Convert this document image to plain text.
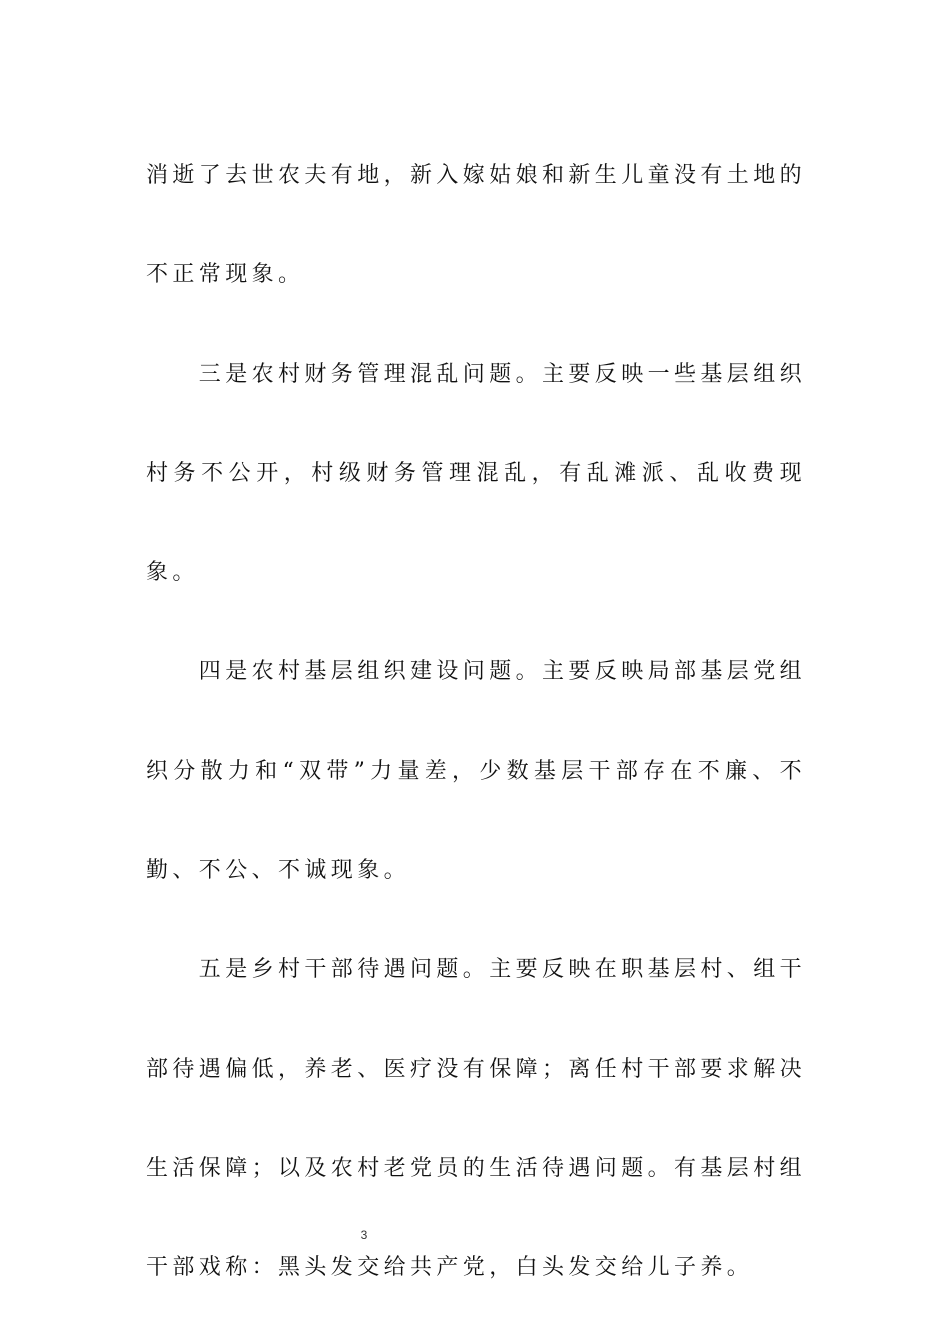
消逝了去世农夫有地，新入嫁姑娘和新生儿童没有土地的不正常现象。

三是农村财务管理混乱问题。主要反映一些基层组织村务不公开，村级财务管理混乱，有乱滩派、乱收费现象。

四是农村基层组织建设问题。主要反映局部基层党组织分散力和“双带”力量差，少数基层干部存在不廉、不勤、不公、不诚现象。

五是乡村干部待遇问题。主要反映在职基层村、组干部待遇偏低，养老、医疗没有保障；离任村干部要求解决生活保障；以及农村老党员的生活待遇问题。有基层村组干部戏称：黑头发交给共产党，白头发交给儿子养。

3
